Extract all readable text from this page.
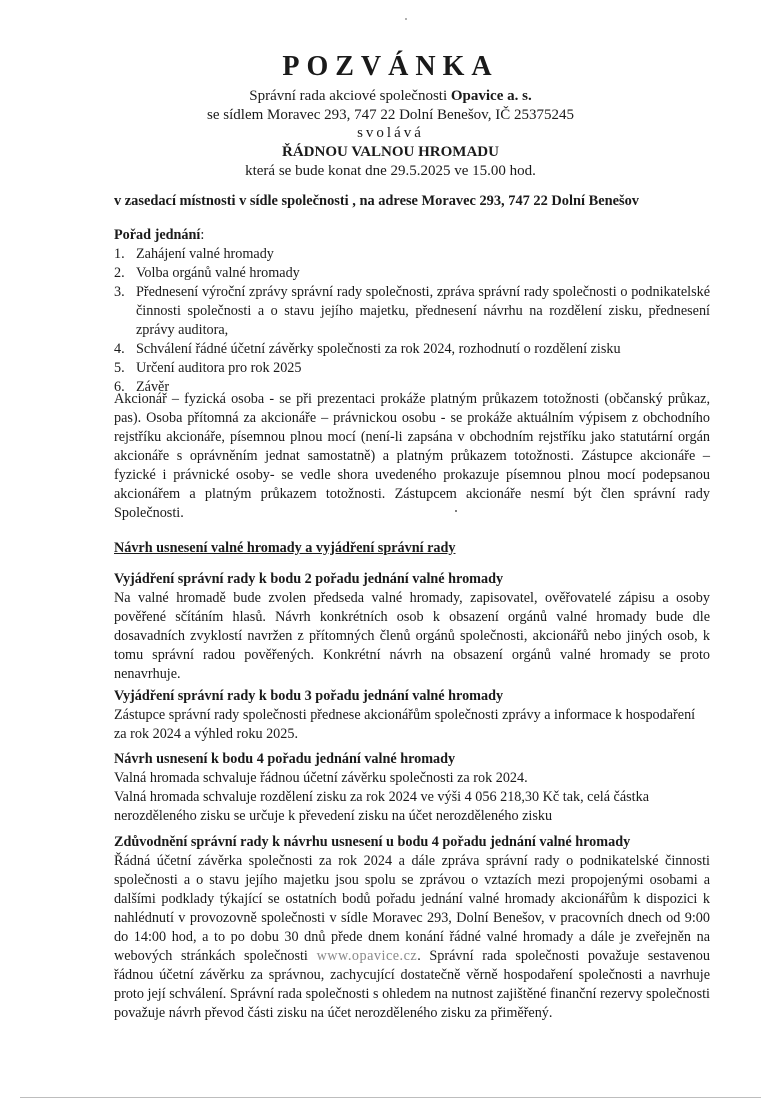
POZVÁNKA
Správní rada akciové společnosti Opavice a. s.
se sídlem Moravec 293, 747 22 Dolní Benešov, IČ 25375245
svolává
ŘÁDNOU VALNOU HROMADU
která se bude konat dne 29.5.2025 ve 15.00 hod.
v zasedací místnosti v sídle společnosti , na adrese Moravec 293, 747 22 Dolní Benešov
Pořad jednání:
1. Zahájení valné hromady
2. Volba orgánů valné hromady
3. Přednesení výroční zprávy správní rady společnosti, zpráva správní rady společnosti o podnikatelské činnosti společnosti a o stavu jejího majetku, přednesení návrhu na rozdělení zisku, přednesení zprávy auditora,
4. Schválení řádné účetní závěrky společnosti za rok 2024, rozhodnutí o rozdělení zisku
5. Určení auditora pro rok 2025
6. Závěr
Akcionář – fyzická osoba - se při prezentaci prokáže platným průkazem totožnosti (občanský průkaz, pas). Osoba přítomná za akcionáře – právnickou osobu - se prokáže aktuálním výpisem z obchodního rejstříku akcionáře, písemnou plnou mocí (není-li zapsána v obchodním rejstříku jako statutární orgán akcionáře s oprávněním jednat samostatně) a platným průkazem totožnosti. Zástupce akcionáře – fyzické i právnické osoby- se vedle shora uvedeného prokazuje písemnou plnou mocí podepsanou akcionářem a platným průkazem totožnosti. Zástupcem akcionáře nesmí být člen správní rady Společnosti.
Návrh usnesení valné hromady a vyjádření správní rady
Vyjádření správní rady k bodu 2 pořadu jednání valné hromady
Na valné hromadě bude zvolen předseda valné hromady, zapisovatel, ověřovatelé zápisu a osoby pověřené sčítáním hlasů. Návrh konkrétních osob k obsazení orgánů valné hromady bude dle dosavadních zvyklostí navržen z přítomných členů orgánů společnosti, akcionářů nebo jiných osob, k tomu správní radou pověřených. Konkrétní návrh na obsazení orgánů valné hromady se proto nenavrhuje.
Vyjádření správní rady k bodu 3 pořadu jednání valné hromady
Zástupce správní rady společnosti přednese akcionářům společnosti zprávy a informace k hospodaření za rok 2024 a výhled roku 2025.
Návrh usnesení k bodu 4 pořadu jednání valné hromady
Valná hromada schvaluje řádnou účetní závěrku společnosti za rok 2024.
Valná hromada schvaluje rozdělení zisku za rok 2024 ve výši 4 056 218,30 Kč tak, celá částka nerozděleného zisku se určuje k převedení zisku na účet nerozděleného zisku
Zdůvodnění správní rady k návrhu usnesení u bodu 4 pořadu jednání valné hromady
Řádná účetní závěrka společnosti za rok 2024 a dále zpráva správní rady o podnikatelské činnosti společnosti a o stavu jejího majetku jsou spolu se zprávou o vztazích mezi propojenými osobami a dalšími podklady týkající se ostatních bodů pořadu jednání valné hromady akcionářům k dispozici k nahlédnutí v provozovně společnosti v sídle Moravec 293, Dolní Benešov, v pracovních dnech od 9:00 do 14:00 hod, a to po dobu 30 dnů přede dnem konání řádné valné hromady a dále je zveřejněn na webových stránkách společnosti www.opavice.cz. Správní rada společnosti považuje sestavenou řádnou účetní závěrku za správnou, zachycující dostatečně věrně hospodaření společnosti a navrhuje proto její schválení. Správní rada společnosti s ohledem na nutnost zajištěné finanční rezervy společnosti považuje návrh převod části zisku na účet nerozděleného zisku za přiměřený.
